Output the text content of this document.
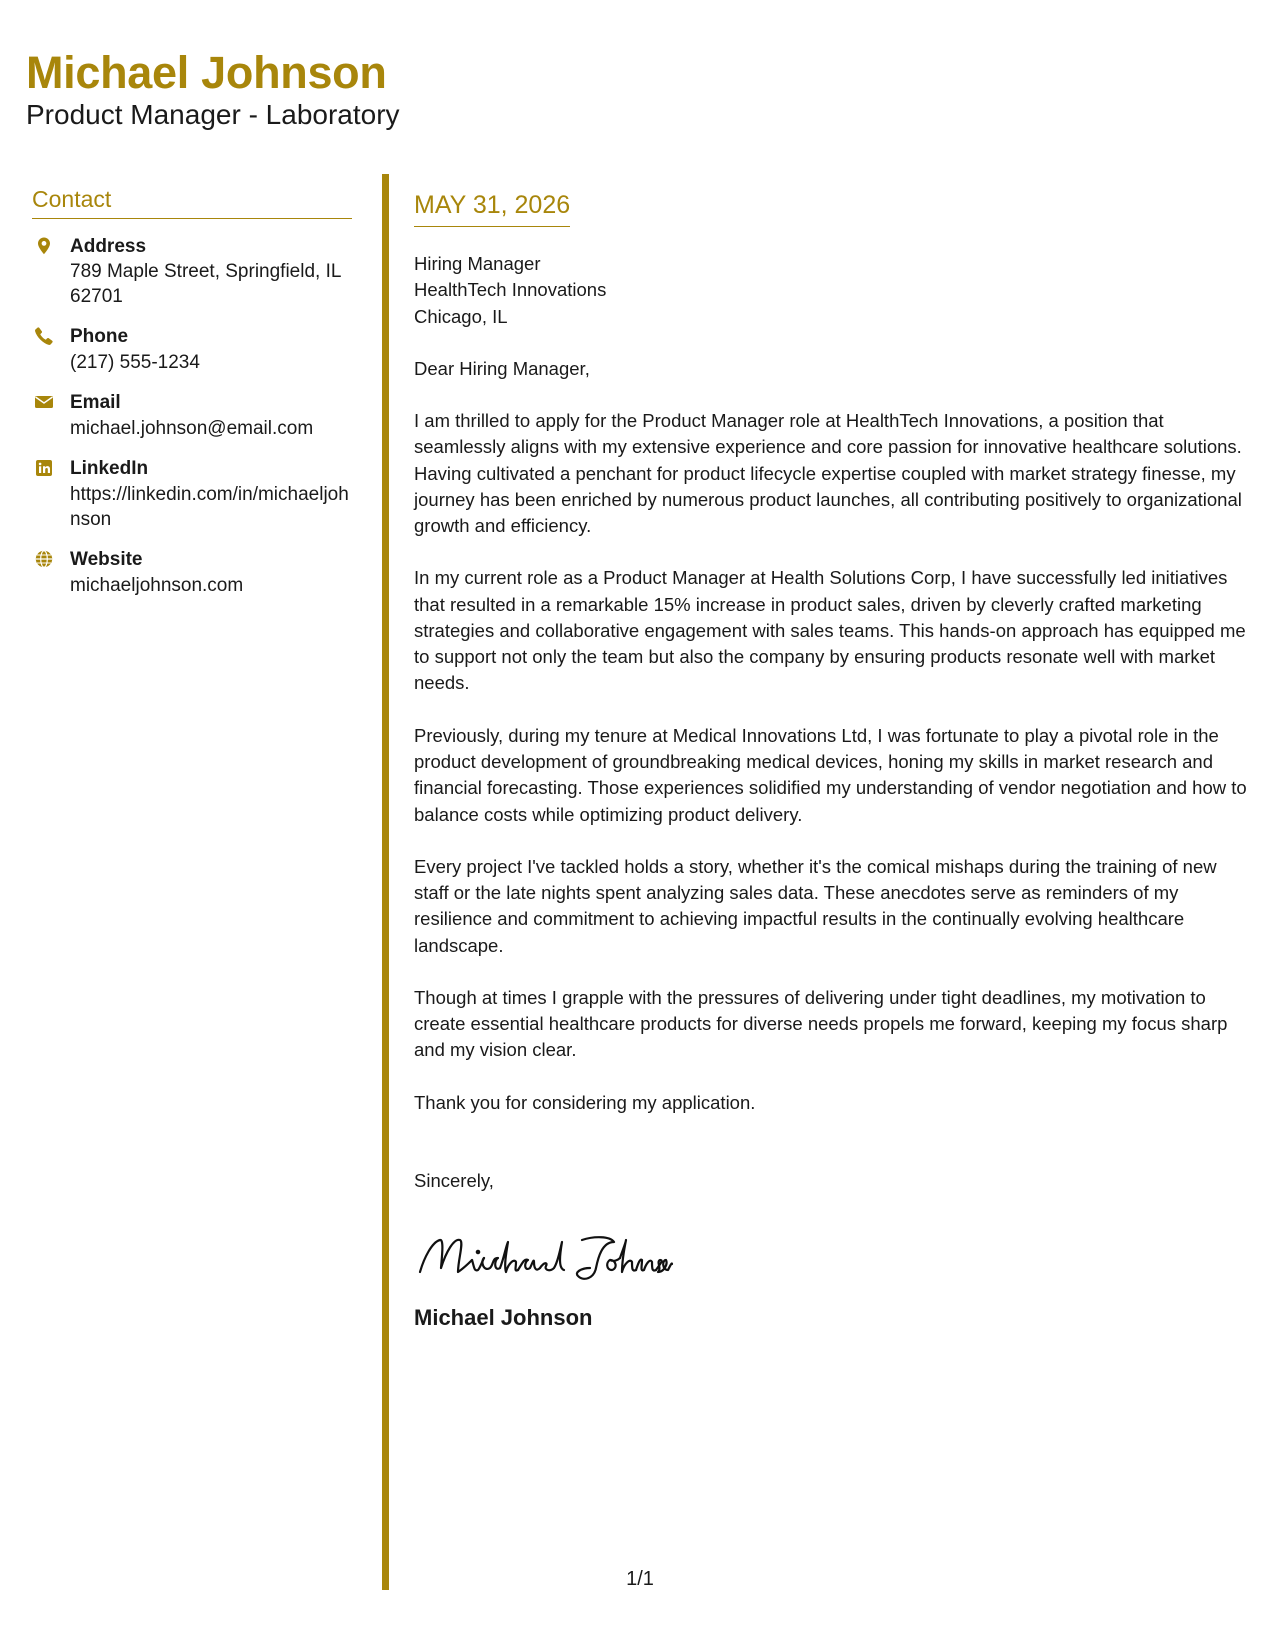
Michael Johnson
Product Manager - Laboratory
Contact
Address
789 Maple Street, Springfield, IL 62701
Phone
(217) 555-1234
Email
michael.johnson@email.com
LinkedIn
https://linkedin.com/in/michaeljohnson
Website
michaeljohnson.com
MAY 31, 2026
Hiring Manager
HealthTech Innovations
Chicago, IL
Dear Hiring Manager,
I am thrilled to apply for the Product Manager role at HealthTech Innovations, a position that seamlessly aligns with my extensive experience and core passion for innovative healthcare solutions. Having cultivated a penchant for product lifecycle expertise coupled with market strategy finesse, my journey has been enriched by numerous product launches, all contributing positively to organizational growth and efficiency.
In my current role as a Product Manager at Health Solutions Corp, I have successfully led initiatives that resulted in a remarkable 15% increase in product sales, driven by cleverly crafted marketing strategies and collaborative engagement with sales teams. This hands-on approach has equipped me to support not only the team but also the company by ensuring products resonate well with market needs.
Previously, during my tenure at Medical Innovations Ltd, I was fortunate to play a pivotal role in the product development of groundbreaking medical devices, honing my skills in market research and financial forecasting. Those experiences solidified my understanding of vendor negotiation and how to balance costs while optimizing product delivery.
Every project I've tackled holds a story, whether it's the comical mishaps during the training of new staff or the late nights spent analyzing sales data. These anecdotes serve as reminders of my resilience and commitment to achieving impactful results in the continually evolving healthcare landscape.
Though at times I grapple with the pressures of delivering under tight deadlines, my motivation to create essential healthcare products for diverse needs propels me forward, keeping my focus sharp and my vision clear.
Thank you for considering my application.
Sincerely,
Michael Johnson
1/1
